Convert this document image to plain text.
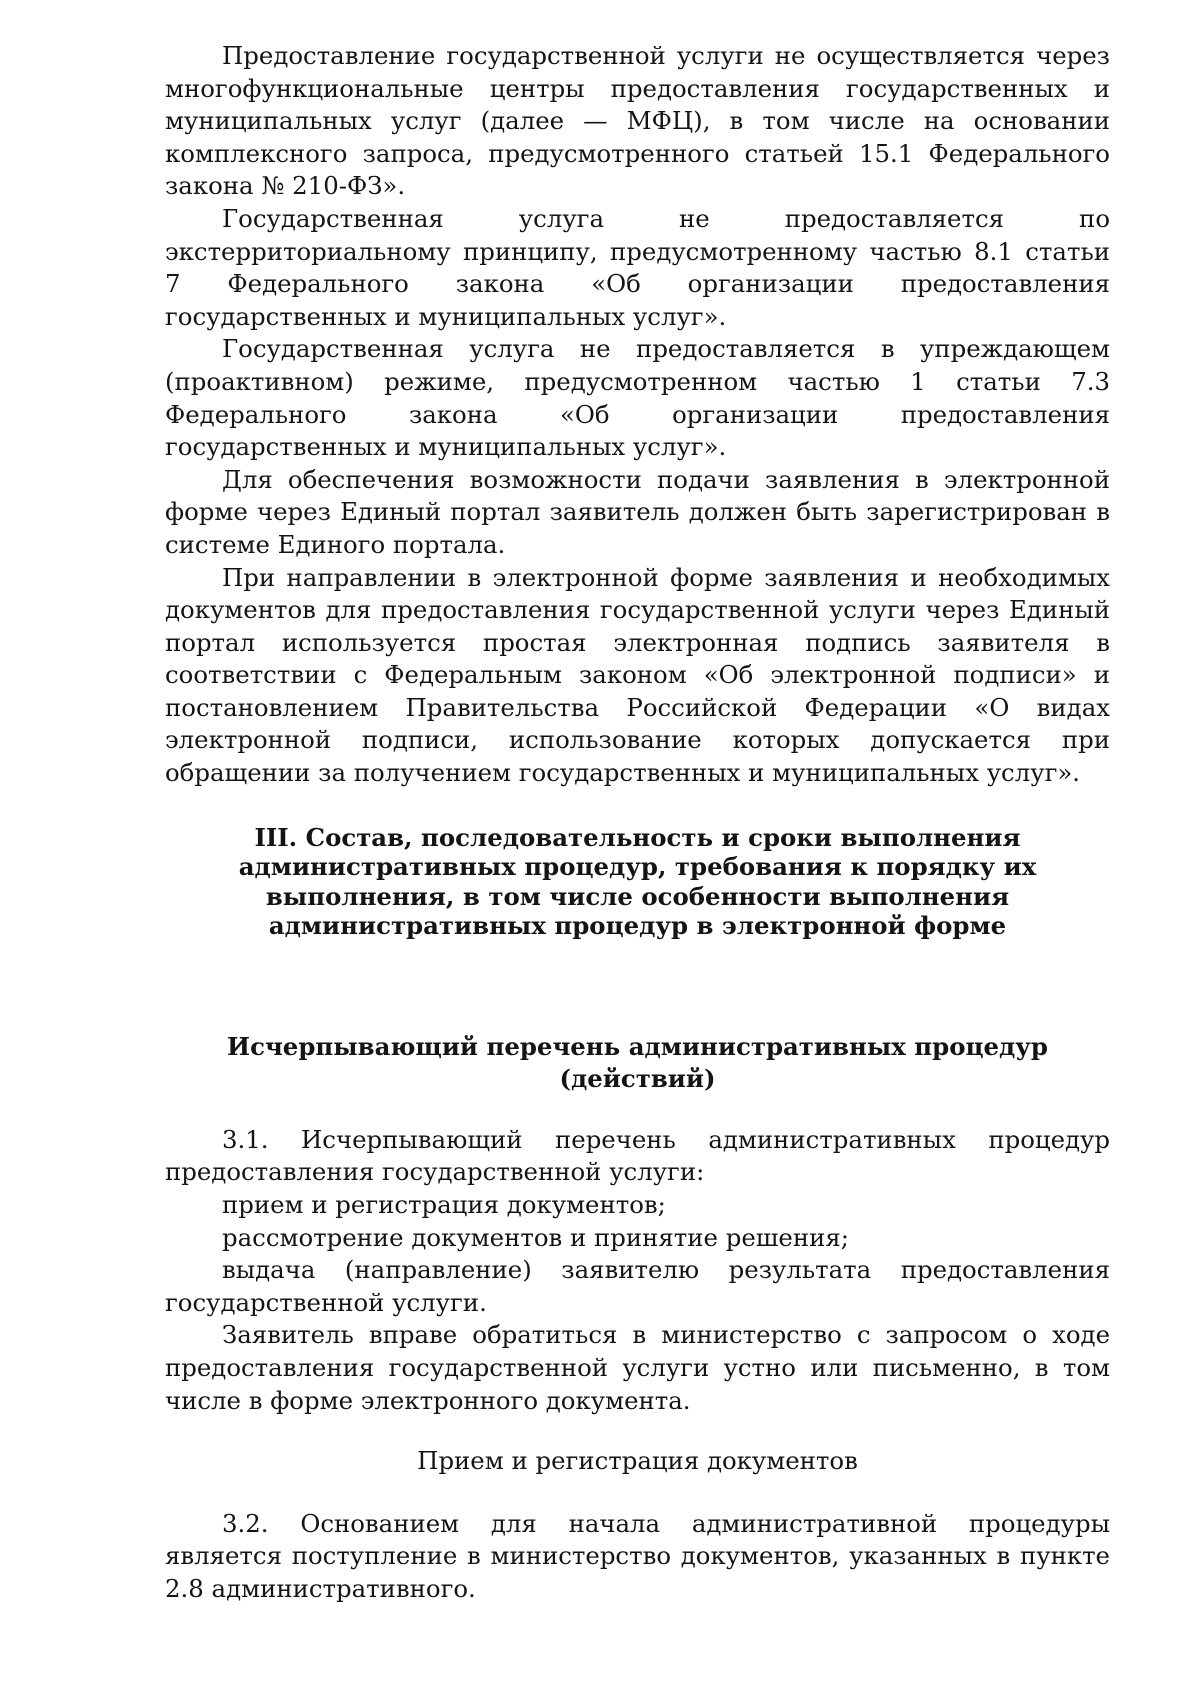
Предоставление государственной услуги не осуществляется через многофункциональные центры предоставления государственных и муниципальных услуг (далее — МФЦ), в том числе на основании комплексного запроса, предусмотренного статьей 15.1 Федерального закона № 210-ФЗ».

Государственная услуга не предоставляется по экстерриториальному принципу, предусмотренному частью 8.1 статьи 7 Федерального закона «Об организации предоставления государственных и муниципальных услуг».

Государственная услуга не предоставляется в упреждающем (проактивном) режиме, предусмотренном частью 1 статьи 7.3 Федерального закона «Об организации предоставления государственных и муниципальных услуг».

Для обеспечения возможности подачи заявления в электронной форме через Единый портал заявитель должен быть зарегистрирован в системе Единого портала.

При направлении в электронной форме заявления и необходимых документов для предоставления государственной услуги через Единый портал используется простая электронная подпись заявителя в соответствии с Федеральным законом «Об электронной подписи» и постановлением Правительства Российской Федерации «О видах электронной подписи, использование которых допускается при обращении за получением государственных и муниципальных услуг».

III. Состав, последовательность и сроки выполнения
административных процедур, требования к порядку их
выполнения, в том числе особенности выполнения
административных процедур в электронной форме
Исчерпывающий перечень административных процедур (действий)

3.1. Исчерпывающий перечень административных процедур предоставления государственной услуги:

прием и регистрация документов;

рассмотрение документов и принятие решения;

выдача (направление) заявителю результата предоставления государственной услуги.

Заявитель вправе обратиться в министерство с запросом о ходе предоставления государственной услуги устно или письменно, в том числе в форме электронного документа.

Прием и регистрация документов

3.2. Основанием для начала административной процедуры является поступление в министерство документов, указанных в пункте 2.8 административного.
